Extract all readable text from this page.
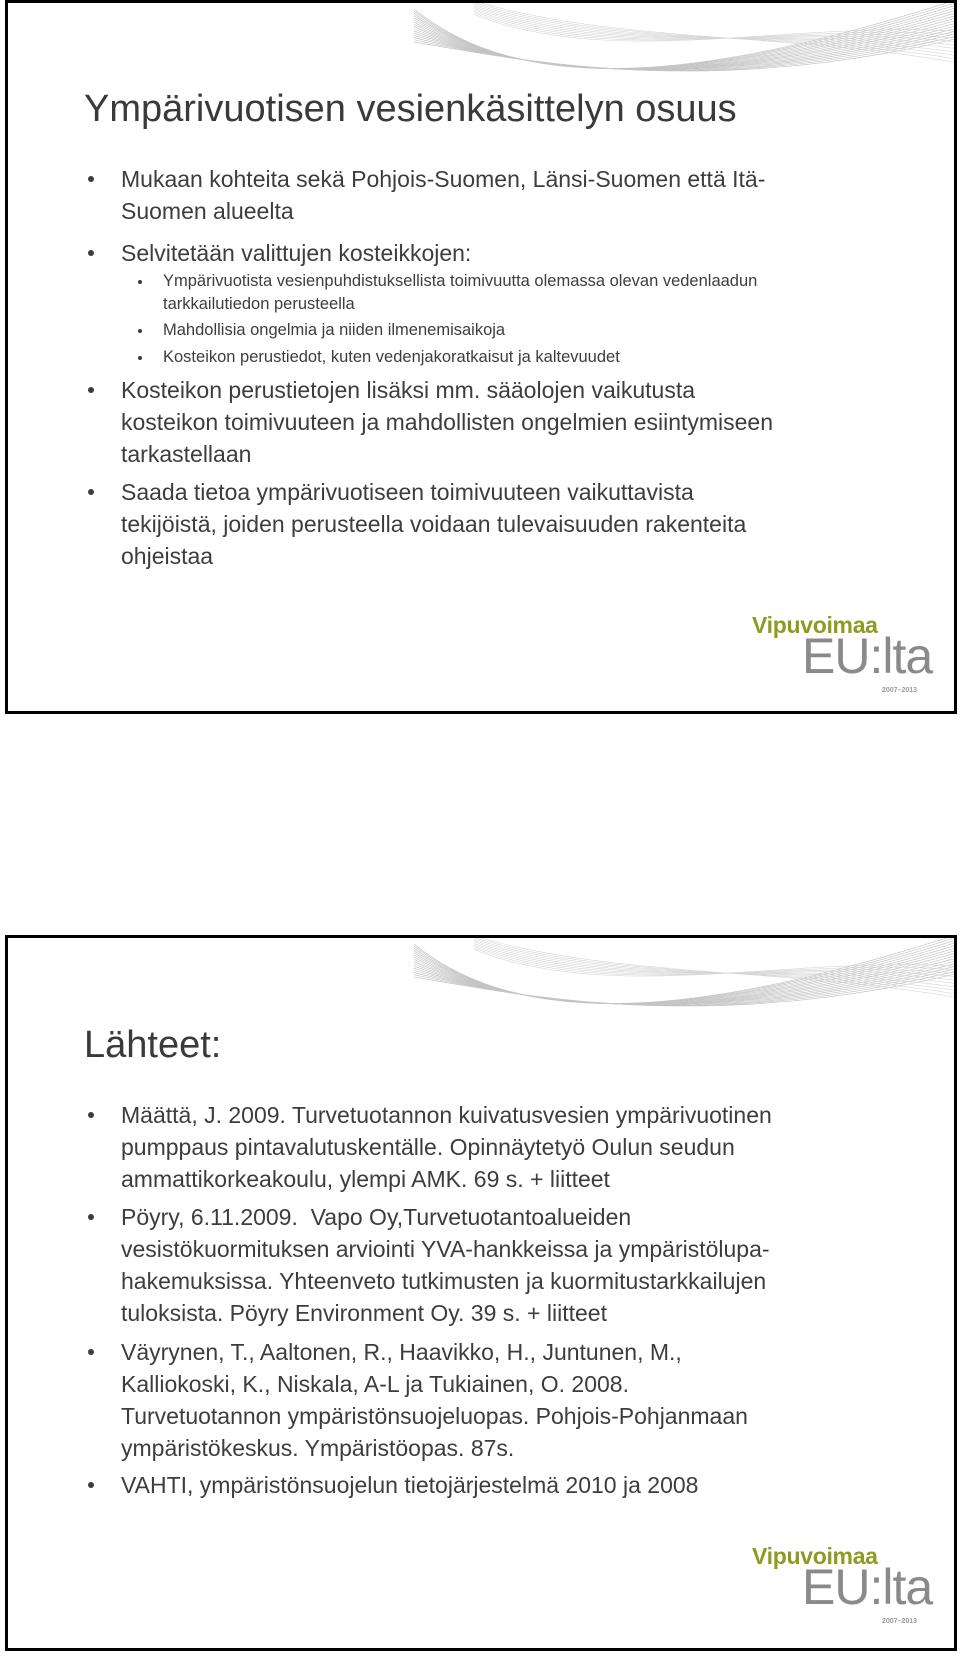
Ympärivuotisen vesienkäsittelyn osuus
Mukaan kohteita sekä Pohjois-Suomen, Länsi-Suomen että Itä-
Suomen alueelta
Selvitetään valittujen kosteikkojen:
Ympärivuotista vesienpuhdistuksellista toimivuutta olemassa olevan vedenlaadun
tarkkailutiedon perusteella
Mahdollisia ongelmia ja niiden ilmenemisaikoja
Kosteikon perustiedot, kuten vedenjakoratkaisut ja kaltevuudet
Kosteikon perustietojen lisäksi mm. sääolojen vaikutusta
kosteikon toimivuuteen ja mahdollisten ongelmien esiintymiseen
tarkastellaan
Saada tietoa ympärivuotiseen toimivuuteen vaikuttavista
tekijöistä, joiden perusteella voidaan tulevaisuuden rakenteita
ohjeistaa
Vipuvoimaa
EU:lta
2007–2013
Lähteet:
Määttä, J. 2009. Turvetuotannon kuivatusvesien ympärivuotinen
pumppaus pintavalutuskentälle. Opinnäytetyö Oulun seudun
ammattikorkeakoulu, ylempi AMK. 69 s. + liitteet
Pöyry, 6.11.2009.  Vapo Oy,Turvetuotantoalueiden
vesistökuormituksen arviointi YVA-hankkeissa ja ympäristölupa-
hakemuksissa. Yhteenveto tutkimusten ja kuormitustarkkailujen
tuloksista. Pöyry Environment Oy. 39 s. + liitteet
Väyrynen, T., Aaltonen, R., Haavikko, H., Juntunen, M.,
Kalliokoski, K., Niskala, A-L ja Tukiainen, O. 2008.
Turvetuotannon ympäristönsuojeluopas. Pohjois-Pohjanmaan
ympäristökeskus. Ympäristöopas. 87s.
VAHTI, ympäristönsuojelun tietojärjestelmä 2010 ja 2008
Vipuvoimaa
EU:lta
2007–2013
